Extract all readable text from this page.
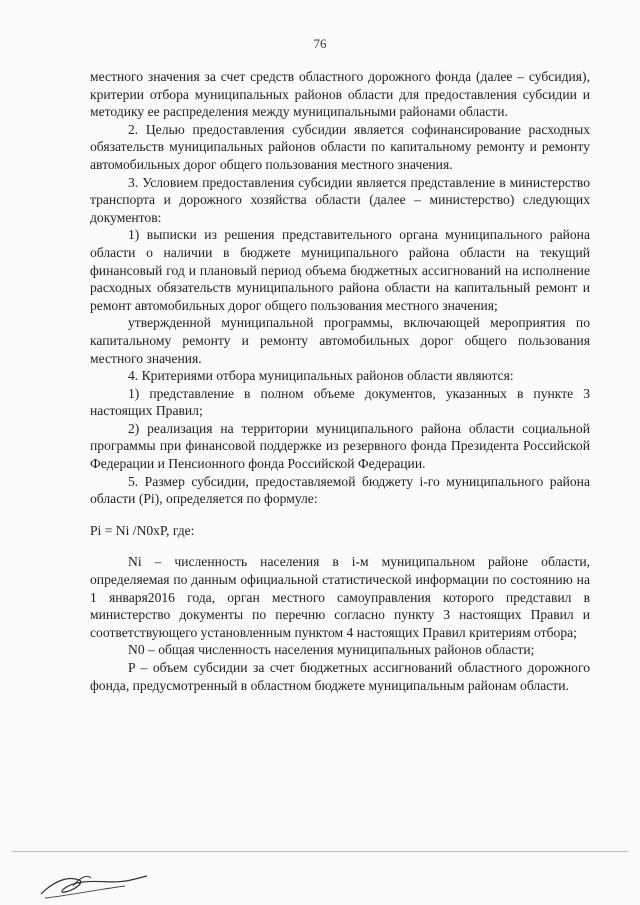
76

местного значения за счет средств областного дорожного фонда (далее – субсидия), критерии отбора муниципальных районов области для предоставления субсидии и методику ее распределения между муниципальными районами области.

2. Целью предоставления субсидии является софинансирование расходных обязательств муниципальных районов области по капитальному ремонту и ремонту автомобильных дорог общего пользования местного значения.

3. Условием предоставления субсидии является представление в министерство транспорта и дорожного хозяйства области (далее – министерство) следующих документов:

1) выписки из решения представительного органа муниципального района области о наличии в бюджете муниципального района области на текущий финансовый год и плановый период объема бюджетных ассигнований на исполнение расходных обязательств муниципального района области на капитальный ремонт и ремонт автомобильных дорог общего пользования местного значения;

утвержденной муниципальной программы, включающей мероприятия по капитальному ремонту и ремонту автомобильных дорог общего пользования местного значения.

4. Критериями отбора муниципальных районов области являются:

1) представление в полном объеме документов, указанных в пункте 3 настоящих Правил;

2) реализация на территории муниципального района области социальной программы при финансовой поддержке из резервного фонда Президента Российской Федерации и Пенсионного фонда Российской Федерации.

5. Размер субсидии, предоставляемой бюджету i-го муниципального района области (Pi), определяется по формуле:

Pi = Ni /N0xP, где:

Ni – численность населения в i-м муниципальном районе области, определяемая по данным официальной статистической информации по состоянию на 1 января2016 года, орган местного самоуправления которого представил в министерство документы по перечню согласно пункту 3 настоящих Правил и соответствующего установленным пунктом 4 настоящих Правил критериям отбора;

N0 – общая численность населения муниципальных районов области;

P – объем субсидии за счет бюджетных ассигнований областного дорожного фонда, предусмотренный в областном бюджете муниципальным районам области.
